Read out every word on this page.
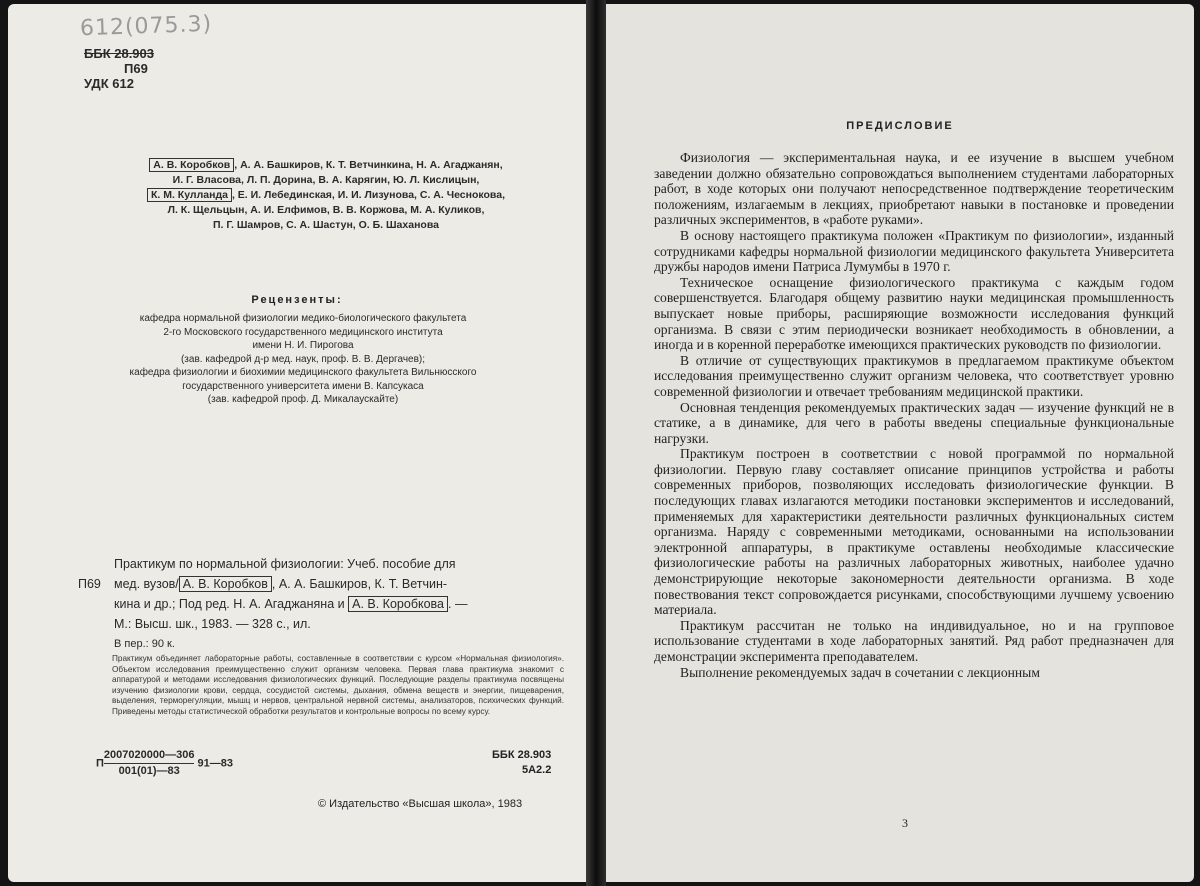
612(075.3)
ББК 28.903
П69
УДК 612
А. В. Коробков , А. А. Башкиров, К. Т. Ветчинкина, Н. А. Агаджанян,
И. Г. Власова, Л. П. Дорина, В. А. Карягин, Ю. Л. Кислицын,
К. М. Кулланда , Е. И. Лебединская, И. И. Лизунова, С. А. Чеснокова,
Л. К. Щельцын, А. И. Елфимов, В. В. Коржова, М. А. Куликов,
П. Г. Шамров, С. А. Шастун, О. Б. Шаханова
Рецензенты:
кафедра нормальной физиологии медико-биологического факультета
2-го Московского государственного медицинского института
имени Н. И. Пирогова
(зав. кафедрой д-р мед. наук, проф. В. В. Дергачев);
кафедра физиологии и биохимии медицинского факультета Вильнюсского
государственного университета имени В. Капсукаса
(зав. кафедрой проф. Д. Микалаускайте)
П69
Практикум по нормальной физиологии: Учеб. пособие для
мед. вузов/ А. В. Коробков , А. А. Башкиров, К. Т. Ветчин-
кина и др.; Под ред. Н. А. Агаджаняна и А. В. Коробкова . —
М.: Высш. шк., 1983. — 328 с., ил.
В пер.: 90 к.
Практикум объединяет лабораторные работы, составленные в соответствии с курсом «Нормальная физиология». Объектом исследования преимущественно служит организм человека. Первая глава практикума знакомит с аппаратурой и методами исследования физиологических функций. Последующие разделы практикума посвящены изучению физиологии крови, сердца, сосудистой системы, дыхания, обмена веществ и энергии, пищеварения, выделения, терморегуляции, мышц и нервов, центральной нервной системы, анализаторов, психических функций. Приведены методы статистической обработки результатов и контрольные вопросы по всему курсу.
$П\frac{2007020000—306}{001(01)—83}$ 91—83
ББК 28.903
5А2.2
© Издательство «Высшая школа», 1983
ПРЕДИСЛОВИЕ

Физиология — экспериментальная наука, и ее изучение в высшем учебном заведении должно обязательно сопровождаться выполнением студентами лабораторных работ, в ходе которых они получают непосредственное подтверждение теоретическим положениям, излагаемым в лекциях, приобретают навыки в постановке и проведении различных экспериментов, в «работе руками».

В основу настоящего практикума положен «Практикум по физиологии», изданный сотрудниками кафедры нормальной физиологии медицинского факультета Университета дружбы народов имени Патриса Лумумбы в 1970 г.

Техническое оснащение физиологического практикума с каждым годом совершенствуется. Благодаря общему развитию науки медицинская промышленность выпускает новые приборы, расширяющие возможности исследования функций организма. В связи с этим периодически возникает необходимость в обновлении, а иногда и в коренной переработке имеющихся практических руководств по физиологии.

В отличие от существующих практикумов в предлагаемом практикуме объектом исследования преимущественно служит организм человека, что соответствует уровню современной физиологии и отвечает требованиям медицинской практики.

Основная тенденция рекомендуемых практических задач — изучение функций не в статике, а в динамике, для чего в работы введены специальные функциональные нагрузки.

Практикум построен в соответствии с новой программой по нормальной физиологии. Первую главу составляет описание принципов устройства и работы современных приборов, позволяющих исследовать физиологические функции. В последующих главах излагаются методики постановки экспериментов и исследований, применяемых для характеристики деятельности различных функциональных систем организма. Наряду с современными методиками, основанными на использовании электронной аппаратуры, в практикуме оставлены необходимые классические физиологические работы на различных лабораторных животных, наиболее удачно демонстрирующие некоторые закономерности деятельности организма. В ходе повествования текст сопровождается рисунками, способствующими лучшему усвоению материала.

Практикум рассчитан не только на индивидуальное, но и на групповое использование студентами в ходе лабораторных занятий. Ряд работ предназначен для демонстрации эксперимента преподавателем.

Выполнение рекомендуемых задач в сочетании с лекционным

3
